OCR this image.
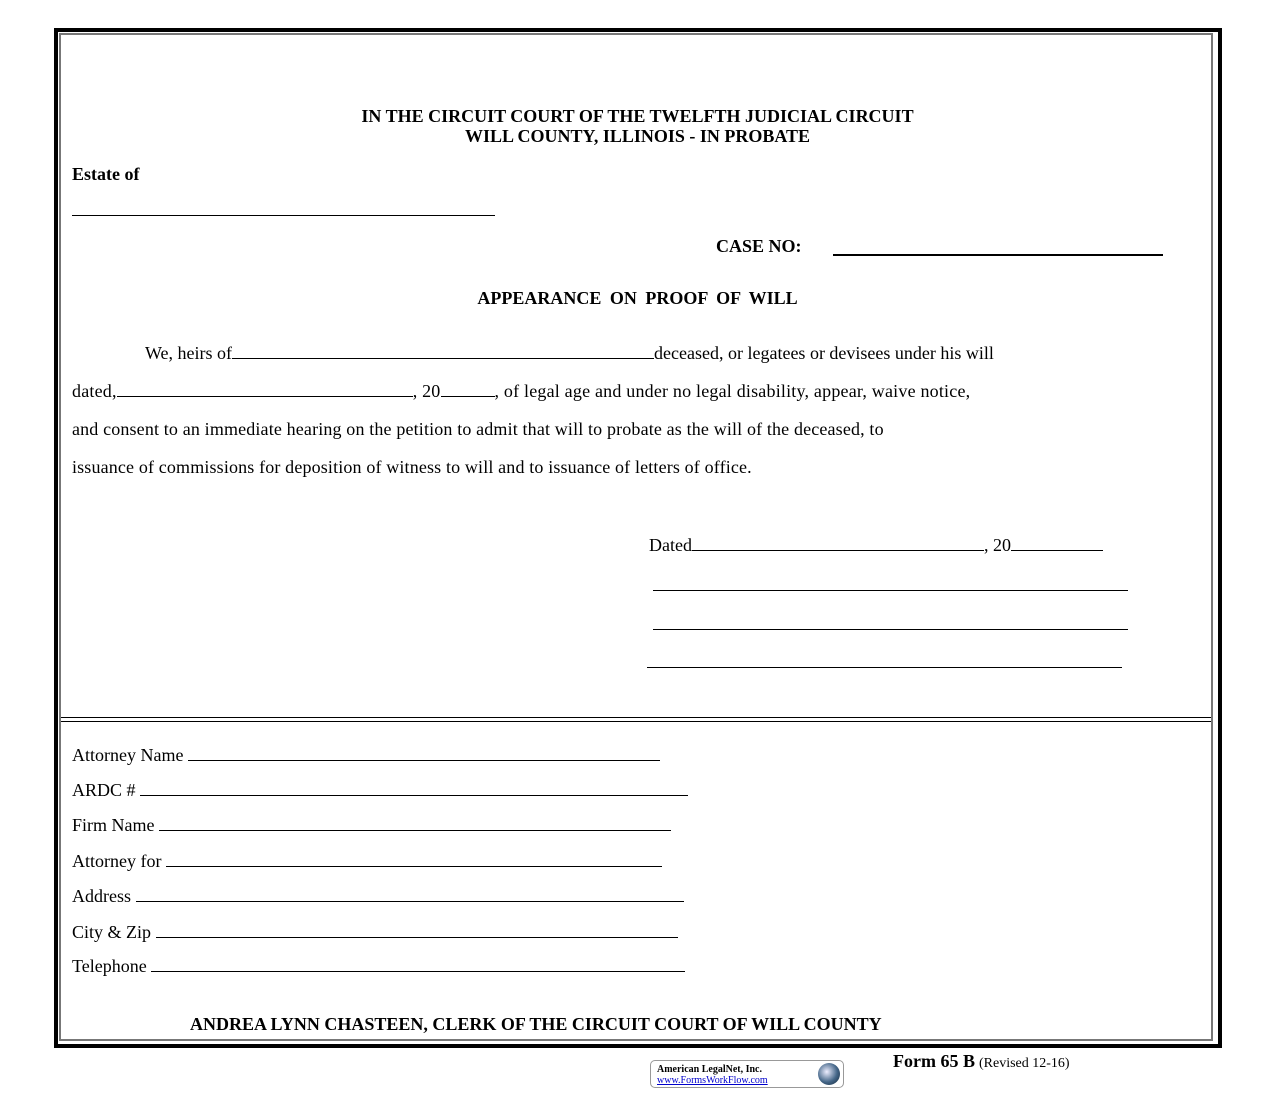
IN THE CIRCUIT COURT OF THE TWELFTH JUDICIAL CIRCUIT
WILL COUNTY, ILLINOIS - IN PROBATE
Estate of
CASE NO:
APPEARANCE ON PROOF OF WILL
We, heirs of	deceased, or legatees or devisees under his will
dated,	, 20	, of legal age and under no legal disability, appear, waive notice,
and consent to an immediate hearing on the petition to admit that will to probate as the will of the deceased, to
issuance of commissions for deposition of witness to will and to issuance of letters of office.
Dated	, 20
Attorney Name
ARDC #
Firm Name
Attorney for
Address
City & Zip
Telephone
ANDREA LYNN CHASTEEN, CLERK OF THE CIRCUIT COURT OF WILL COUNTY
American LegalNet, Inc.
www.FormsWorkFlow.com
Form 65 B (Revised 12-16)
